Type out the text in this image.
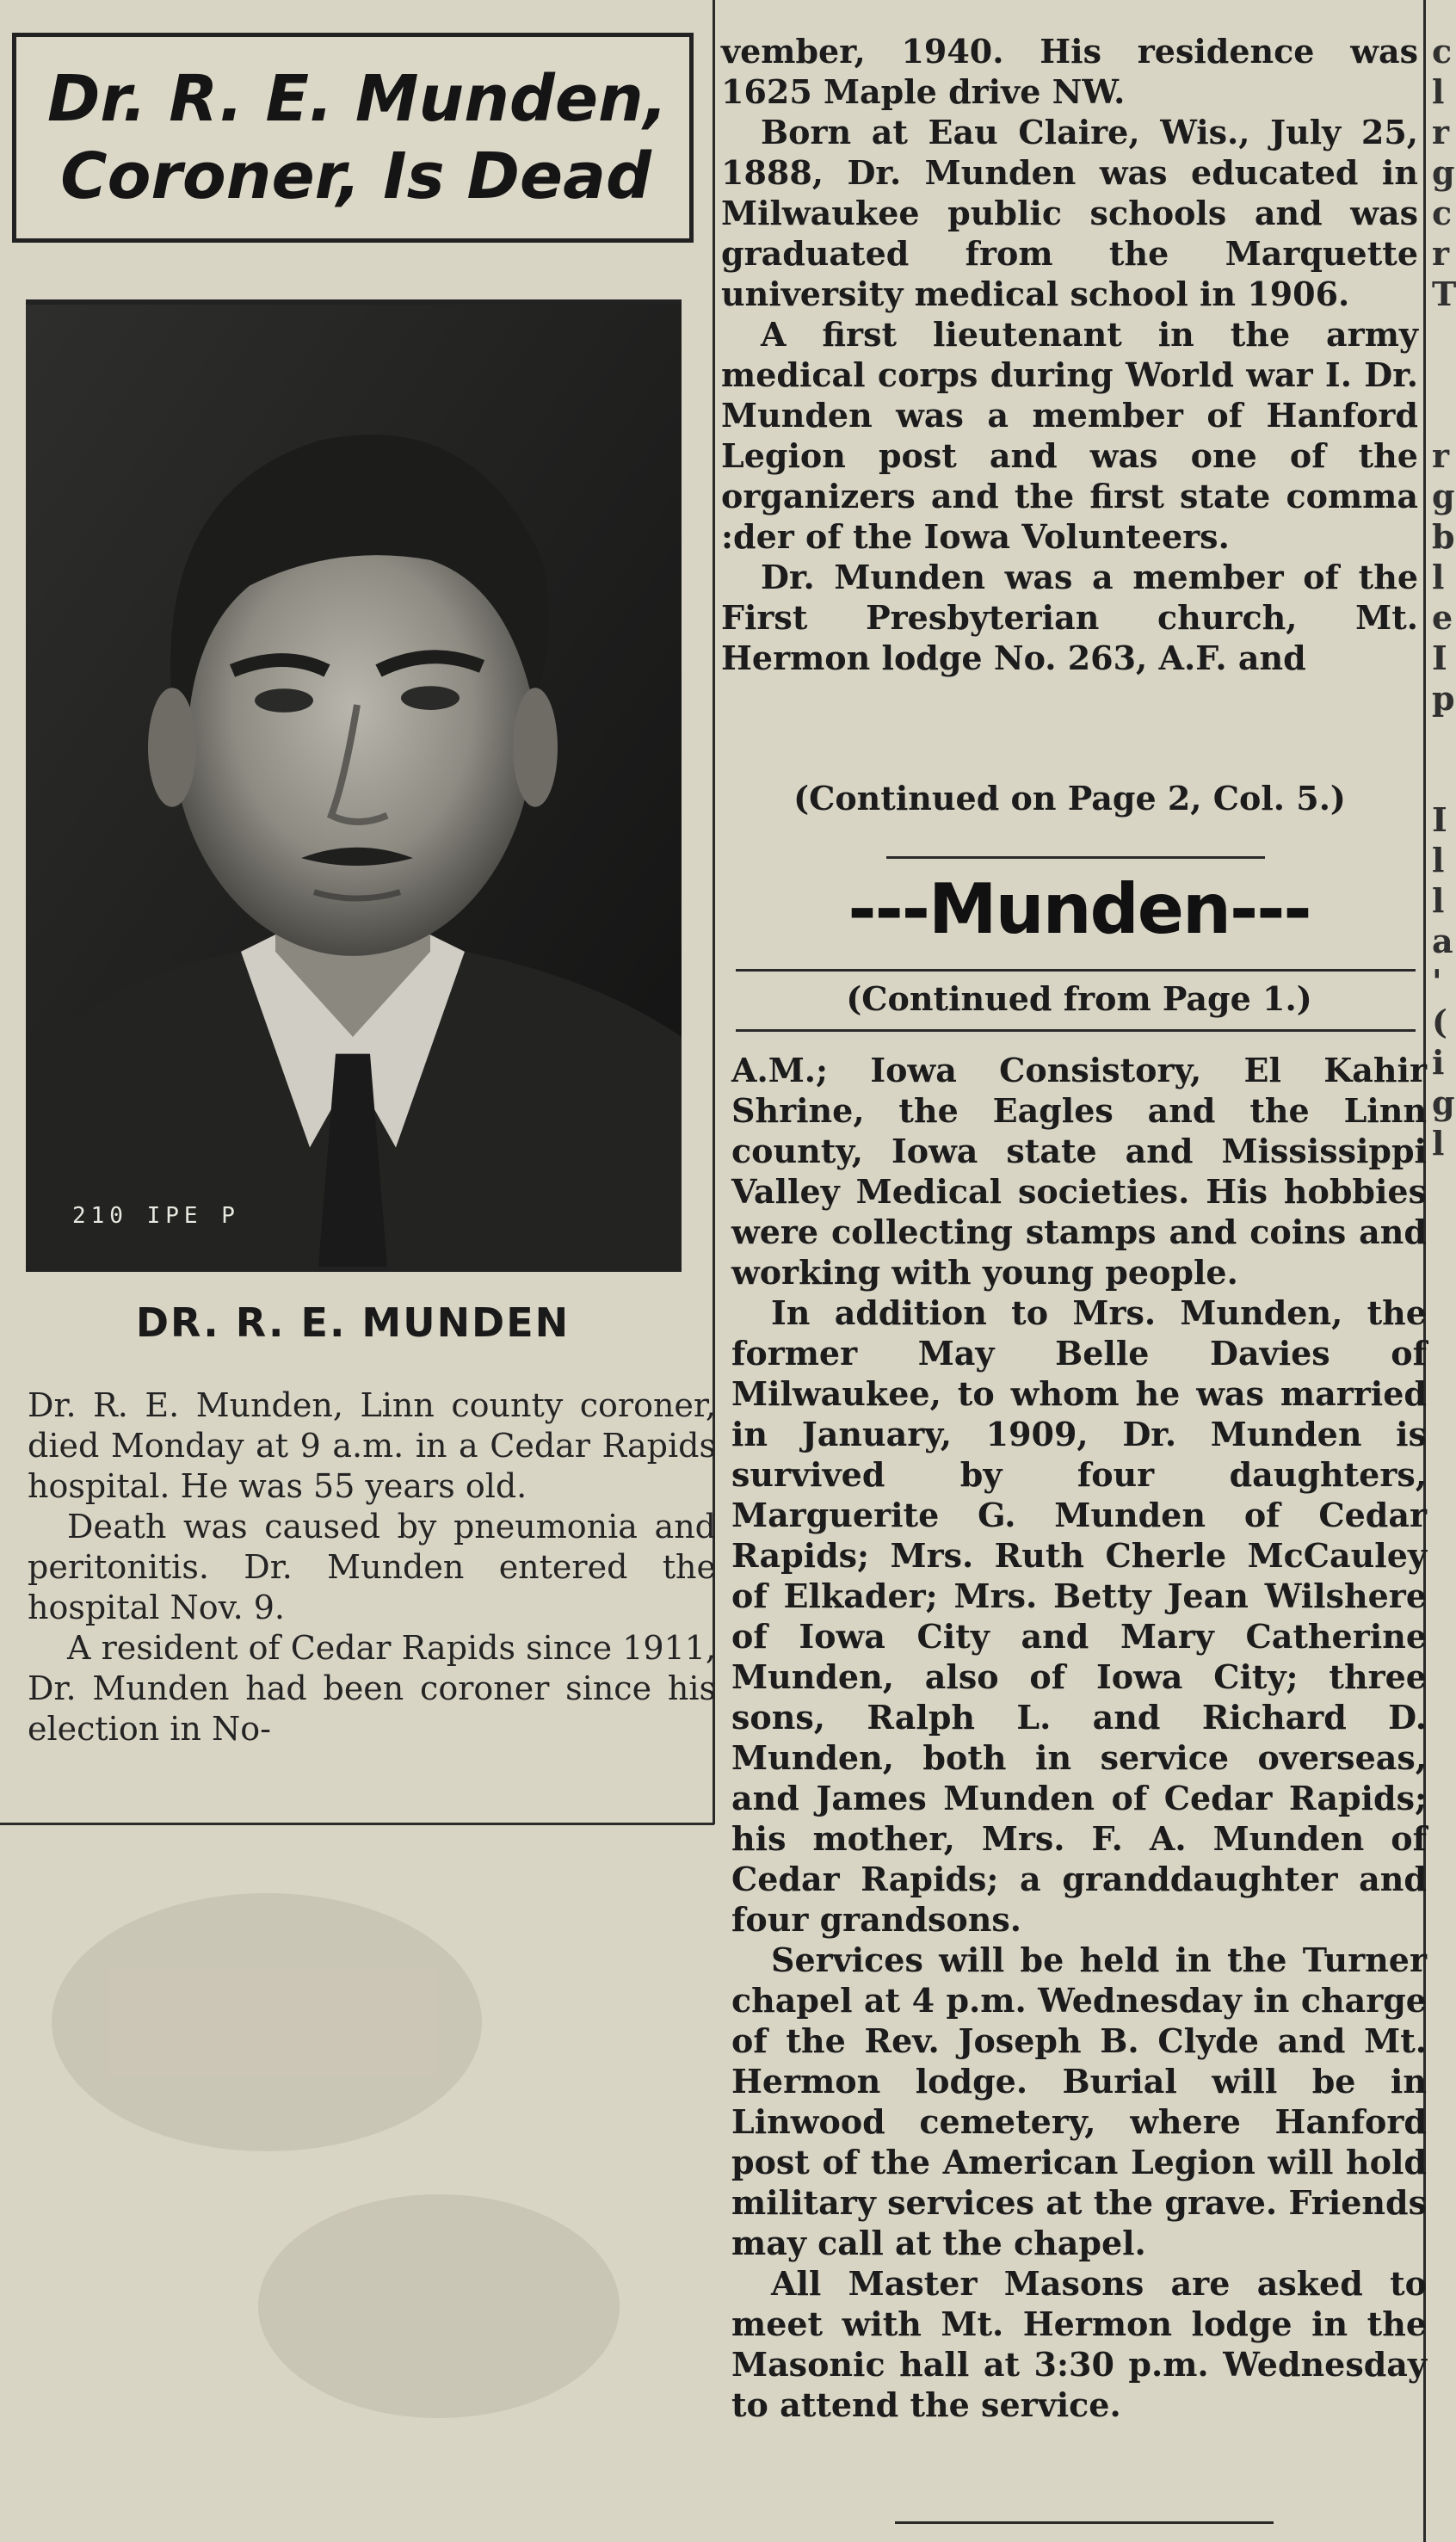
Dr. R. E. Munden,
Coroner, Is Dead
210 IPE P
DR. R. E. MUNDEN

Dr. R. E. Munden, Linn county coroner, died Monday at 9 a.m. in a Cedar Rapids hospital. He was 55 years old.

Death was caused by pneumonia and peritonitis. Dr. Munden entered the hospital Nov. 9.

A resident of Cedar Rapids since 1911, Dr. Munden had been coroner since his election in No-

vember, 1940. His residence was 1625 Maple drive NW.

Born at Eau Claire, Wis., July 25, 1888, Dr. Munden was educated in Milwaukee public schools and was graduated from the Marquette university medical school in 1906.

A first lieutenant in the army medical corps during World war I. Dr. Munden was a member of Hanford Legion post and was one of the organizers and the first state comma :der of the Iowa Volunteers.

Dr. Munden was a member of the First Presbyterian church, Mt. Hermon lodge No. 263, A.F. and

(Continued on Page 2, Col. 5.)
---Munden---
(Continued from Page 1.)

A.M.; Iowa Consistory, El Kahir Shrine, the Eagles and the Linn county, Iowa state and Mississippi Valley Medical societies. His hobbies were collecting stamps and coins and working with young people.

In addition to Mrs. Munden, the former May Belle Davies of Milwaukee, to whom he was married in January, 1909, Dr. Munden is survived by four daughters, Marguerite G. Munden of Cedar Rapids; Mrs. Ruth Cherle McCauley of Elkader; Mrs. Betty Jean Wilshere of Iowa City and Mary Catherine Munden, also of Iowa City; three sons, Ralph L. and Richard D. Munden, both in service overseas, and James Munden of Cedar Rapids; his mother, Mrs. F. A. Munden of Cedar Rapids; a granddaughter and four grandsons.

Services will be held in the Turner chapel at 4 p.m. Wednesday in charge of the Rev. Joseph B. Clyde and Mt. Hermon lodge. Burial will be in Linwood cemetery, where Hanford post of the American Legion will hold military services at the grave. Friends may call at the chapel.

All Master Masons are asked to meet with Mt. Hermon lodge in the Masonic hall at 3:30 p.m. Wednesday to attend the service.

c
l
r
g
c
r
T
r
g
b
l
e
I
p
I
l
l
a
'
(
i
g
l
